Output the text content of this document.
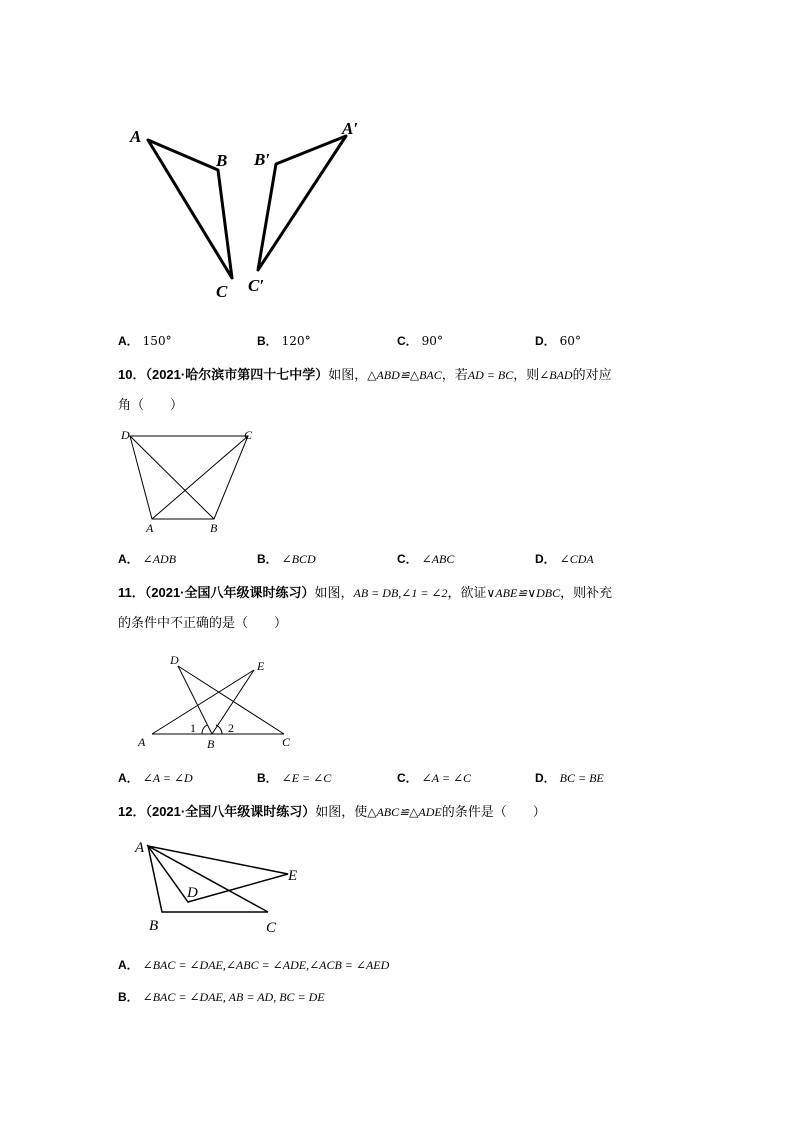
A
B
C
A′
B′
C′
A． 150°	B． 120°	C． 90°	D． 60°
10．（2021·哈尔滨市第四十七中学）如图，△ABD≌△BAC，若AD = BC，则∠BAD的对应
角（　　）
D	C
A	B
A． ∠ADB	B． ∠BCD	C． ∠ABC	D． ∠CDA
11．（2021·全国八年级课时练习）如图，AB = DB,∠1 = ∠2，欲证∨ABE≌∨DBC，则补充
的条件中不正确的是（　　）
D	E
A	B	C
1	2
A． ∠A = ∠D	B． ∠E = ∠C	C． ∠A = ∠C	D． BC = BE
12．（2021·全国八年级课时练习）如图，使△ABC≌△ADE的条件是（　　）
A
B	C
D
E
A． ∠BAC = ∠DAE,∠ABC = ∠ADE,∠ACB = ∠AED
B． ∠BAC = ∠DAE, AB = AD, BC = DE
